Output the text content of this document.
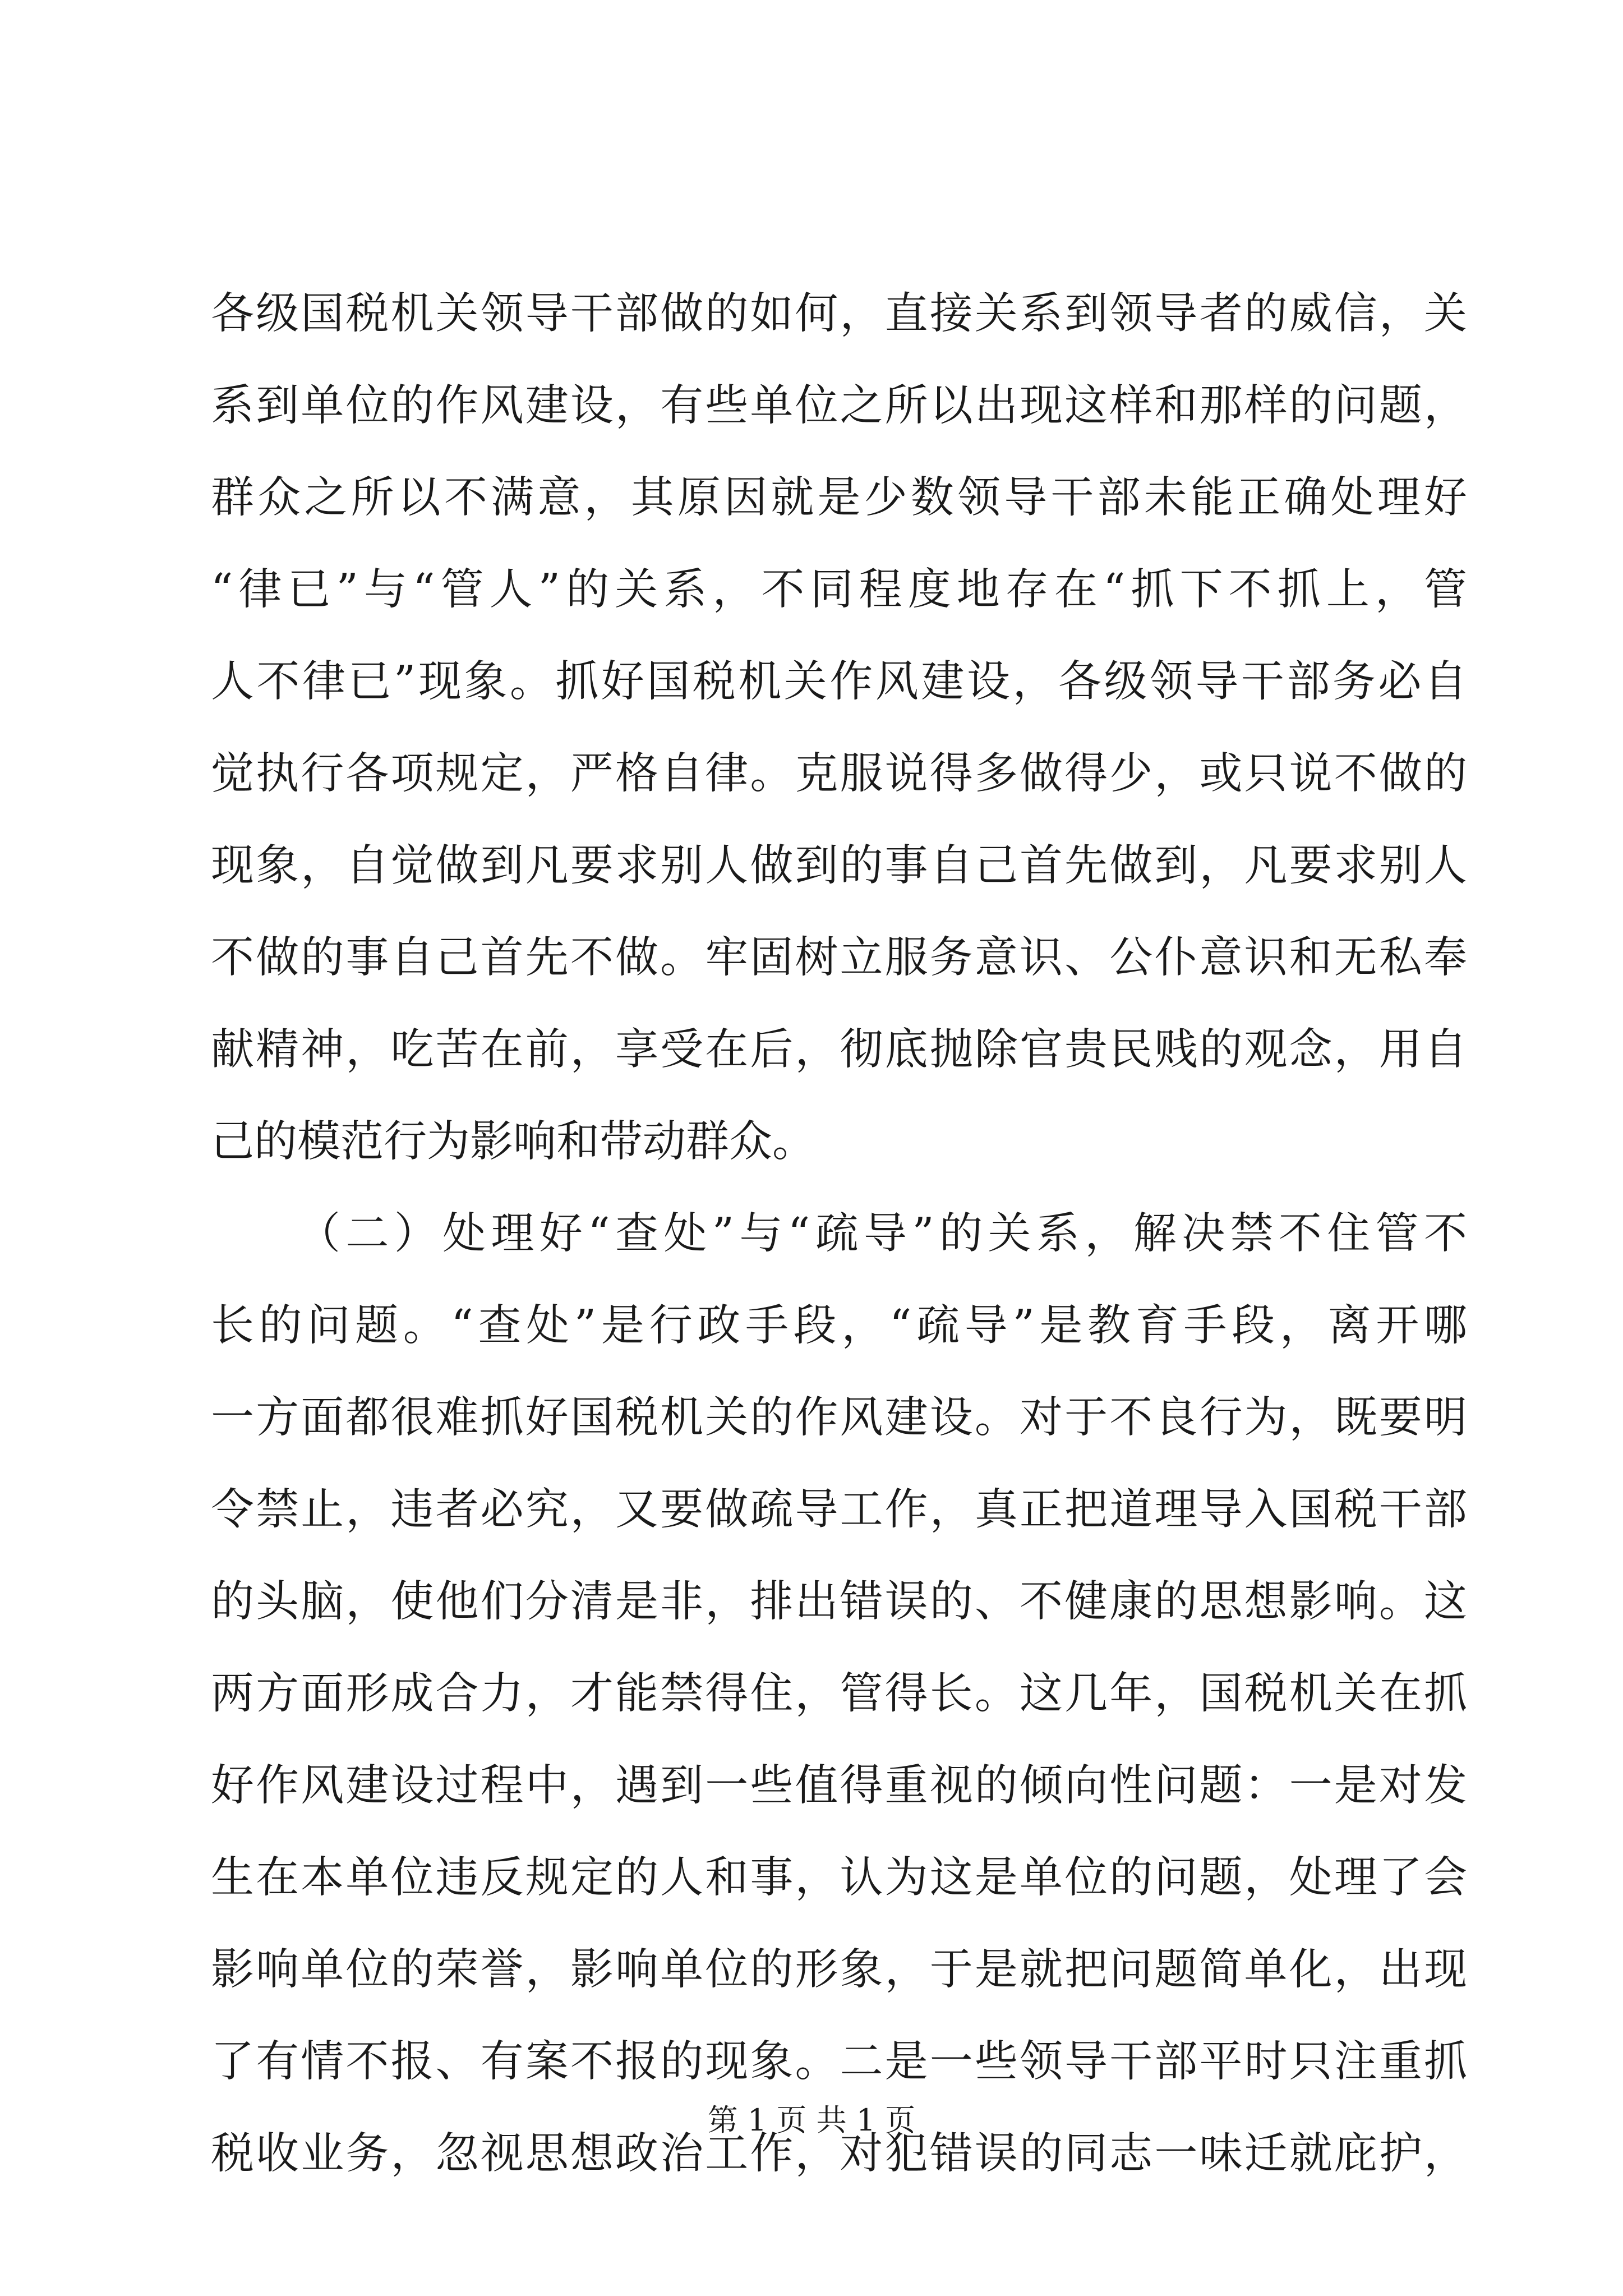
各级国税机关领导干部做的如何，直接关系到领导者的威信，关
系到单位的作风建设，有些单位之所以出现这样和那样的问题，
群众之所以不满意，其原因就是少数领导干部未能正确处理好
“律已”与“管人”的关系，不同程度地存在“抓下不抓上，管
人不律已”现象。抓好国税机关作风建设，各级领导干部务必自
觉执行各项规定，严格自律。克服说得多做得少，或只说不做的
现象，自觉做到凡要求别人做到的事自己首先做到，凡要求别人
不做的事自己首先不做。牢固树立服务意识、公仆意识和无私奉
献精神，吃苦在前，享受在后，彻底抛除官贵民贱的观念，用自
己的模范行为影响和带动群众。
（二）处理好“查处”与“疏导”的关系，解决禁不住管不
长的问题。“查处”是行政手段，“疏导”是教育手段，离开哪
一方面都很难抓好国税机关的作风建设。对于不良行为，既要明
令禁止，违者必究，又要做疏导工作，真正把道理导入国税干部
的头脑，使他们分清是非，排出错误的、不健康的思想影响。这
两方面形成合力，才能禁得住，管得长。这几年，国税机关在抓
好作风建设过程中，遇到一些值得重视的倾向性问题：一是对发
生在本单位违反规定的人和事，认为这是单位的问题，处理了会
影响单位的荣誉，影响单位的形象，于是就把问题简单化，出现
了有情不报、有案不报的现象。二是一些领导干部平时只注重抓
税收业务，忽视思想政治工作，对犯错误的同志一味迁就庇护，
第 1 页 共 1 页
